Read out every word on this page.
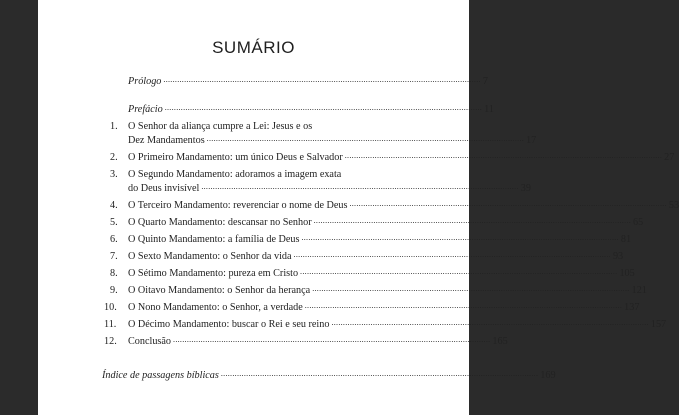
SUMÁRIO
Prólogo .....	7
Prefácio .....	11
1.	O Senhor da aliança cumpre a Lei: Jesus e os
Dez Mandamentos .....	17
2.	O Primeiro Mandamento: um único Deus e Salvador .....	27
3.	O Segundo Mandamento: adoramos a imagem exata
do Deus invisível .....	39
4.	O Terceiro Mandamento: reverenciar o nome de Deus .....	53
5.	O Quarto Mandamento: descansar no Senhor .....	65
6.	O Quinto Mandamento: a família de Deus .....	81
7.	O Sexto Mandamento: o Senhor da vida .....	93
8.	O Sétimo Mandamento: pureza em Cristo .....	105
9.	O Oitavo Mandamento: o Senhor da herança .....	121
10.	O Nono Mandamento: o Senhor, a verdade .....	137
11.	O Décimo Mandamento: buscar o Rei e seu reino .....	157
12.	Conclusão .....	165
Índice de passagens bíblicas .....	169
